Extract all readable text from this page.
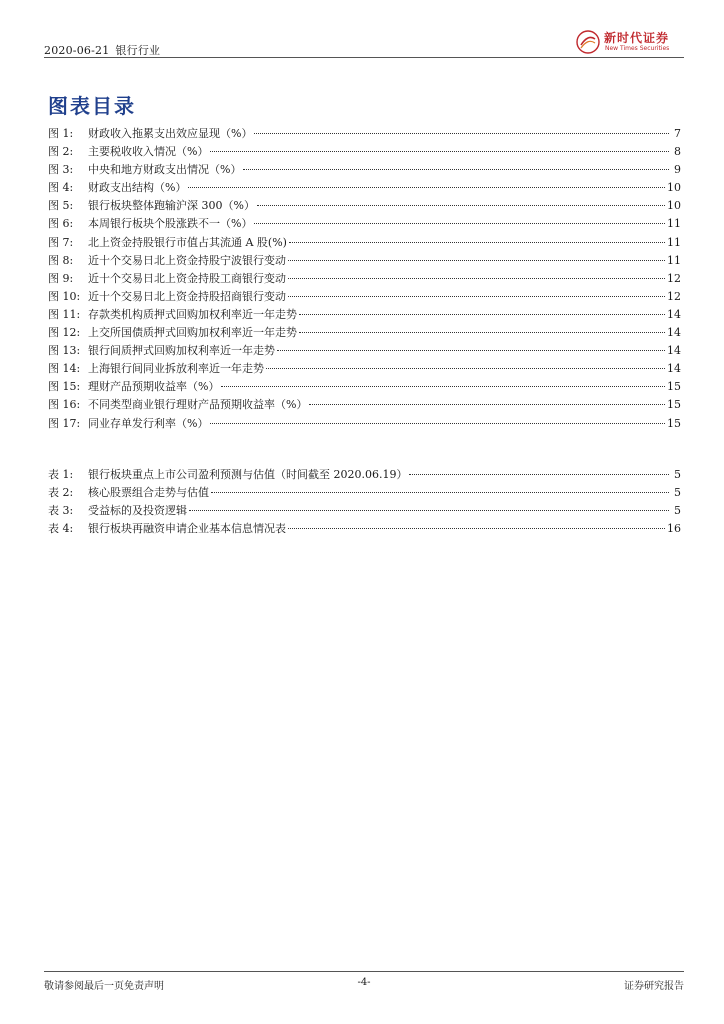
2020-06-21 银行行业
新时代证券
New Times Securities
图表目录
图 1:	财政收入拖累支出效应显现（%）	7
图 2:	主要税收收入情况（%）	8
图 3:	中央和地方财政支出情况（%）	9
图 4:	财政支出结构（%）	10
图 5:	银行板块整体跑输沪深 300（%）	10
图 6:	本周银行板块个股涨跌不一（%）	11
图 7:	北上资金持股银行市值占其流通 A 股(%)	11
图 8:	近十个交易日北上资金持股宁波银行变动	11
图 9:	近十个交易日北上资金持股工商银行变动	12
图 10: 近十个交易日北上资金持股招商银行变动	12
图 11: 存款类机构质押式回购加权利率近一年走势	14
图 12: 上交所国债质押式回购加权利率近一年走势	14
图 13: 银行间质押式回购加权利率近一年走势	14
图 14: 上海银行间同业拆放利率近一年走势	14
图 15: 理财产品预期收益率（%）	15
图 16: 不同类型商业银行理财产品预期收益率（%）	15
图 17: 同业存单发行利率（%）	15
表 1:	银行板块重点上市公司盈利预测与估值（时间截至 2020.06.19）	5
表 2:	核心股票组合走势与估值	5
表 3:	受益标的及投资逻辑	5
表 4:	银行板块再融资申请企业基本信息情况表	16
敬请参阅最后一页免责声明	-4-	证券研究报告
